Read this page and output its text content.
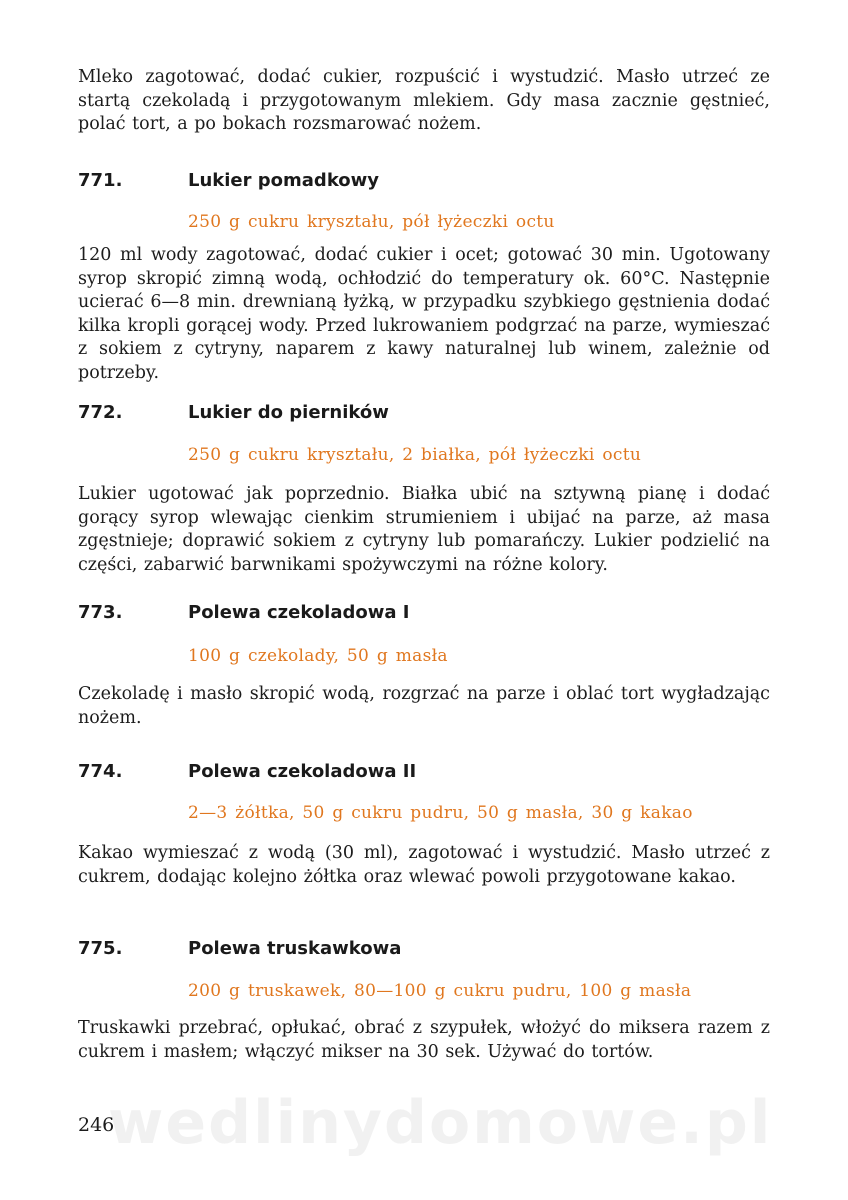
Mleko zagotować, dodać cukier, rozpuścić i wystudzić. Masło utrzeć ze startą czekoladą i przygotowanym mlekiem. Gdy masa zacznie gęstnieć, polać tort, a po bokach rozsmarować nożem.
771.	Lukier pomadkowy
250 g cukru kryształu, pół łyżeczki octu
120 ml wody zagotować, dodać cukier i ocet; gotować 30 min. Ugotowany syrop skropić zimną wodą, ochłodzić do temperatury ok. 60°C. Następnie ucierać 6—8 min. drewnianą łyżką, w przypadku szybkiego gęstnienia dodać kilka kropli gorącej wody. Przed lukrowaniem podgrzać na parze, wymieszać z sokiem z cytryny, naparem z kawy naturalnej lub winem, zależnie od potrzeby.
772.	Lukier do pierników
250 g cukru kryształu, 2 białka, pół łyżeczki octu
Lukier ugotować jak poprzednio. Białka ubić na sztywną pianę i dodać gorący syrop wlewając cienkim strumieniem i ubijać na parze, aż masa zgęstnieje; doprawić sokiem z cytryny lub pomarańczy. Lukier podzielić na części, zabarwić barwnikami spożywczymi na różne kolory.
773.	Polewa czekoladowa I
100 g czekolady, 50 g masła
Czekoladę i masło skropić wodą, rozgrzać na parze i oblać tort wygładzając nożem.
774.	Polewa czekoladowa II
2—3 żółtka, 50 g cukru pudru, 50 g masła, 30 g kakao
Kakao wymieszać z wodą (30 ml), zagotować i wystudzić. Masło utrzeć z cukrem, dodając kolejno żółtka oraz wlewać powoli przygotowane kakao.
775.	Polewa truskawkowa
200 g truskawek, 80—100 g cukru pudru, 100 g masła
Truskawki przebrać, opłukać, obrać z szypułek, włożyć do miksera razem z cukrem i masłem; włączyć mikser na 30 sek. Używać do tortów.
wedlinydomowe.pl
246
